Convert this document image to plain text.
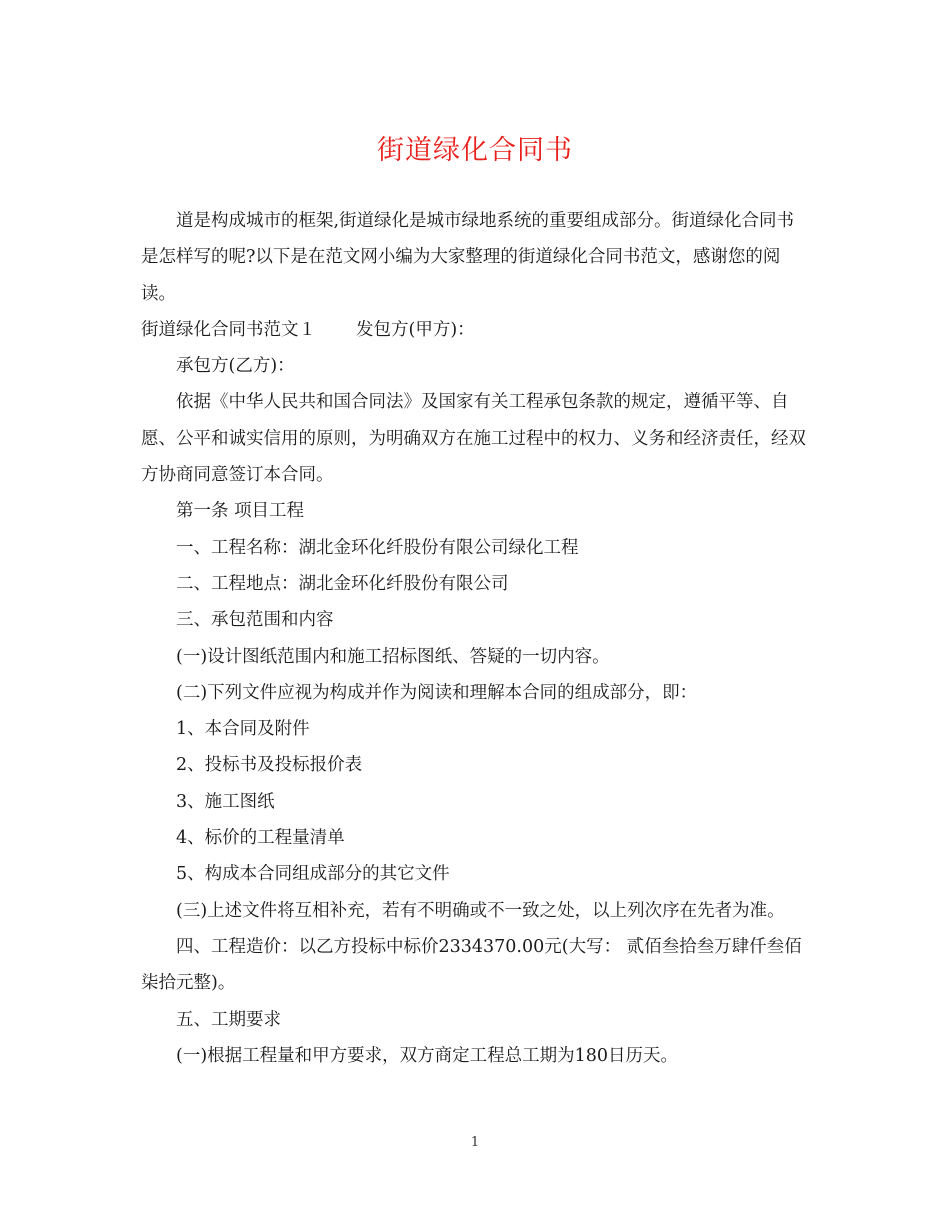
街道绿化合同书

道是构成城市的框架,街道绿化是城市绿地系统的重要组成部分。街道绿化合同书是怎样写的呢?以下是在范文网小编为大家整理的街道绿化合同书范文，感谢您的阅读。

街道绿化合同书范文１ 发包方(甲方)：

承包方(乙方)：

依据《中华人民共和国合同法》及国家有关工程承包条款的规定，遵循平等、自愿、公平和诚实信用的原则，为明确双方在施工过程中的权力、义务和经济责任，经双方协商同意签订本合同。

第一条 项目工程

一、工程名称：湖北金环化纤股份有限公司绿化工程

二、工程地点：湖北金环化纤股份有限公司

三、承包范围和内容

(一)设计图纸范围内和施工招标图纸、答疑的一切内容。

(二)下列文件应视为构成并作为阅读和理解本合同的组成部分，即：

1、本合同及附件

2、投标书及投标报价表

3、施工图纸

4、标价的工程量清单

5、构成本合同组成部分的其它文件

(三)上述文件将互相补充，若有不明确或不一致之处，以上列次序在先者为准。

四、工程造价：以乙方投标中标价2334370.00元(大写： 贰佰叁拾叁万肆仟叁佰柒拾元整)。

五、工期要求

(一)根据工程量和甲方要求，双方商定工程总工期为180日历天。

1
